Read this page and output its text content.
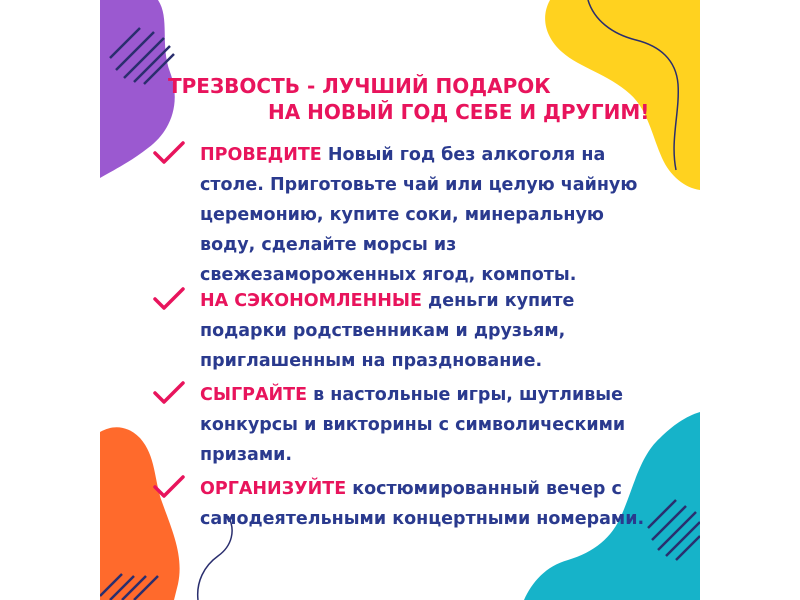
ТРЕЗВОСТЬ - ЛУЧШИЙ ПОДАРОК
НА НОВЫЙ ГОД СЕБЕ И ДРУГИМ!

ПРОВЕДИТЕ Новый год без алкоголя на столе. Приготовьте чай или целую чайную церемонию, купите соки, минеральную воду, сделайте морсы из свежезамороженных ягод, компоты.

НА СЭКОНОМЛЕННЫЕ деньги купите подарки родственникам и друзьям, приглашенным на празднование.

СЫГРАЙТЕ в настольные игры, шутливые конкурсы и викторины с символическими призами.

ОРГАНИЗУЙТЕ костюмированный вечер с самодеятельными концертными номерами.
